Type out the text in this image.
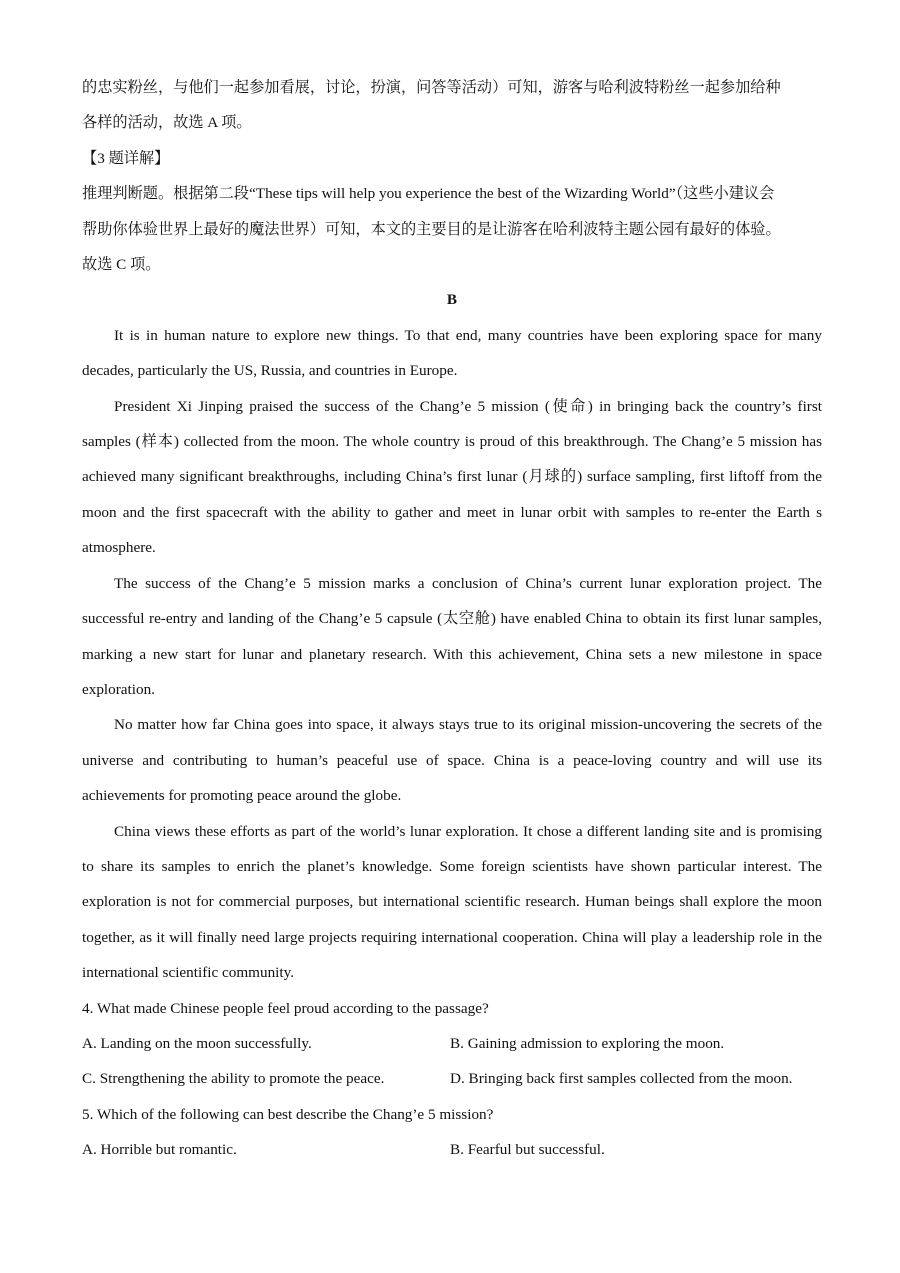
的忠实粉丝，与他们一起参加看展，讨论，扮演，问答等活动）可知，游客与哈利波特粉丝一起参加给种

各样的活动，故选 A 项。

【3 题详解】

推理判断题。根据第二段“These tips will help you experience the best of the Wizarding World”（这些小建议会

帮助你体验世界上最好的魔法世界）可知，本文的主要目的是让游客在哈利波特主题公园有最好的体验。

故选 C 项。

B

It is in human nature to explore new things. To that end, many countries have been exploring space for many decades, particularly the US, Russia, and countries in Europe.

President Xi Jinping praised the success of the Chang’e 5 mission (使命) in bringing back the country’s first samples (样本) collected from the moon. The whole country is proud of this breakthrough. The Chang’e 5 mission has achieved many significant breakthroughs, including China’s first lunar (月球的) surface sampling, first liftoff from the moon and the first spacecraft with the ability to gather and meet in lunar orbit with samples to re-enter the Earth s atmosphere.

The success of the Chang’e 5 mission marks a conclusion of China’s current lunar exploration project. The successful re-entry and landing of the Chang’e 5 capsule (太空舱) have enabled China to obtain its first lunar samples, marking a new start for lunar and planetary research. With this achievement, China sets a new milestone in space exploration.

No matter how far China goes into space, it always stays true to its original mission-uncovering the secrets of the universe and contributing to human’s peaceful use of space. China is a peace-loving country and will use its achievements for promoting peace around the globe.

China views these efforts as part of the world’s lunar exploration. It chose a different landing site and is promising to share its samples to enrich the planet’s knowledge. Some foreign scientists have shown particular interest. The exploration is not for commercial purposes, but international scientific research. Human beings shall explore the moon together, as it will finally need large projects requiring international cooperation. China will play a leadership role in the international scientific community.

4. What made Chinese people feel proud according to the passage?

A. Landing on the moon successfully.	B. Gaining admission to exploring the moon.
C. Strengthening the ability to promote the peace.	D. Bringing back first samples collected from the moon.

5. Which of the following can best describe the Chang’e 5 mission?

A. Horrible but romantic.	B. Fearful but successful.
